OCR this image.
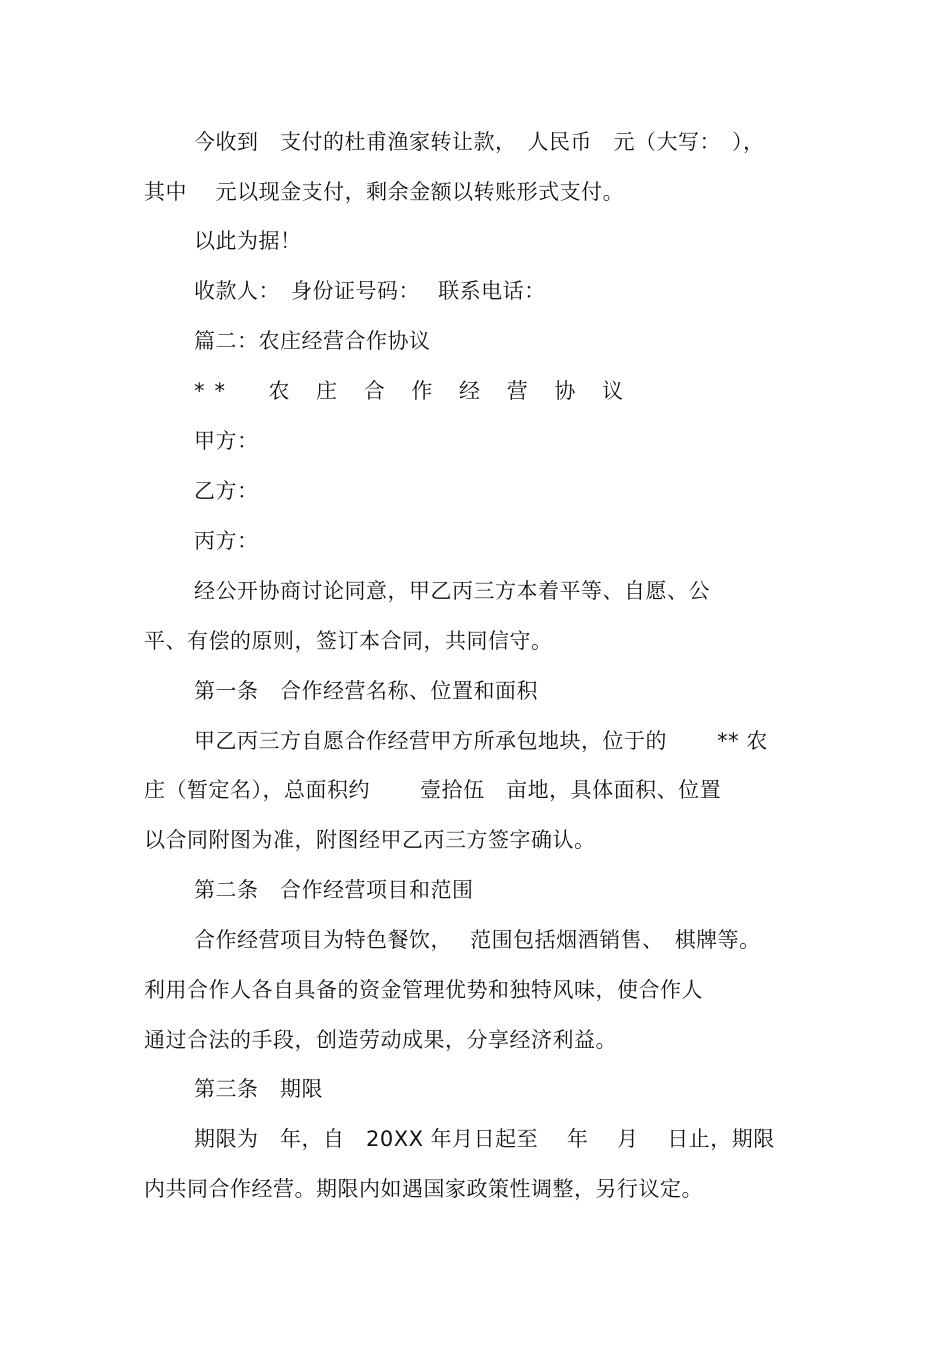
今收到　支付的杜甫渔家转让款，　人民币　元（大写：　），
其中　 元以现金支付，剩余金额以转账形式支付。
以此为据！
收款人：　身份证号码：　 联系电话：
篇二：农庄经营合作协议
**  农 庄 合 作 经 营 协 议
甲方：
乙方：
丙方：
经公开协商讨论同意，甲乙丙三方本着平等、自愿、公
平、有偿的原则，签订本合同，共同信守。
第一条　合作经营名称、位置和面积
甲乙丙三方自愿合作经营甲方所承包地块，位于的　　 ** 农
庄（暂定名），总面积约　　 壹拾伍　亩地，具体面积、位置
以合同附图为准，附图经甲乙丙三方签字确认。
第二条　合作经营项目和范围
合作经营项目为特色餐饮，　 范围包括烟酒销售、　棋牌等。
利用合作人各自具备的资金管理优势和独特风味，使合作人
通过合法的手段，创造劳动成果，分享经济利益。
第三条　期限
期限为　年，自　20XX 年月日起至　 年　 月　 日止，期限
内共同合作经营。期限内如遇国家政策性调整，另行议定。
